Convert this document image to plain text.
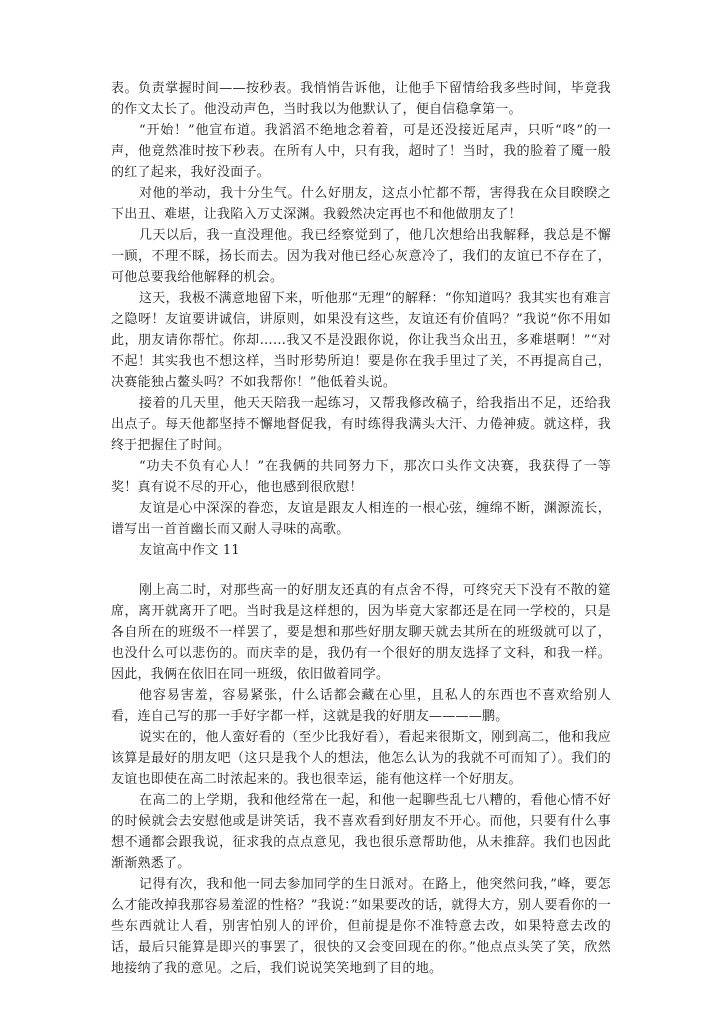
表。负责掌握时间——按秒表。我悄悄告诉他，让他手下留情给我多些时间，毕竟我的作文太长了。他没动声色，当时我以为他默认了，便自信稳拿第一。

“开始！”他宣布道。我滔滔不绝地念着着，可是还没接近尾声，只听“咚”的一声，他竟然准时按下秒表。在所有人中，只有我，超时了！当时，我的脸着了魇一般的红了起来，我好没面子。

对他的举动，我十分生气。什么好朋友，这点小忙都不帮，害得我在众目睽睽之下出丑、难堪，让我陷入万丈深渊。我毅然决定再也不和他做朋友了！

几天以后，我一直没理他。我已经察觉到了，他几次想给出我解释，我总是不懈一顾，不理不睬，扬长而去。因为我对他已经心灰意冷了，我们的友谊已不存在了，可他总要我给他解释的机会。

这天，我极不满意地留下来，听他那“无理”的解释：“你知道吗？我其实也有难言之隐呀！友谊要讲诚信，讲原则，如果没有这些，友谊还有价值吗？”我说“你不用如此，朋友请你帮忙。你却……我又不是没跟你说，你让我当众出丑，多难堪啊！”“对不起！其实我也不想这样，当时形势所迫！要是你在我手里过了关，不再提高自己，决赛能独占鳌头吗？不如我帮你！”他低着头说。

接着的几天里，他天天陪我一起练习，又帮我修改稿子，给我指出不足，还给我出点子。每天他都坚持不懈地督促我，有时练得我满头大汗、力倦神疲。就这样，我终于把握住了时间。

“功夫不负有心人！”在我俩的共同努力下，那次口头作文决赛，我获得了一等奖！真有说不尽的开心，他也感到很欣慰！

友谊是心中深深的眷恋，友谊是跟友人相连的一根心弦，缠绵不断，渊源流长，谱写出一首首幽长而又耐人寻味的高歌。

友谊高中作文 11

刚上高二时，对那些高一的好朋友还真的有点舍不得，可终究天下没有不散的筵席，离开就离开了吧。当时我是这样想的，因为毕竟大家都还是在同一学校的，只是各自所在的班级不一样罢了，要是想和那些好朋友聊天就去其所在的班级就可以了，也没什么可以悲伤的。而庆幸的是，我仍有一个很好的朋友选择了文科，和我一样。因此，我俩在依旧在同一班级，依旧做着同学。

他容易害羞，容易紧张，什么话都会藏在心里，且私人的东西也不喜欢给别人看，连自己写的那一手好字都一样，这就是我的好朋友————鹏。

说实在的，他人蛮好看的（至少比我好看），看起来很斯文，刚到高二，他和我应该算是最好的朋友吧（这只是我个人的想法，他怎么认为的我就不可而知了）。我们的友谊也即使在高二时浓起来的。我也很幸运，能有他这样一个好朋友。

在高二的上学期，我和他经常在一起，和他一起聊些乱七八糟的，看他心情不好的时候就会去安慰他或是讲笑话，我不喜欢看到好朋友不开心。而他，只要有什么事想不通都会跟我说，征求我的点点意见，我也很乐意帮助他，从未推辞。我们也因此渐渐熟悉了。

记得有次，我和他一同去参加同学的生日派对。在路上，他突然问我，”峰，要怎么才能改掉我那容易羞涩的性格？”我说：”如果要改的话，就得大方，别人要看你的一些东西就让人看，别害怕别人的评价，但前提是你不准特意去改，如果特意去改的话，最后只能算是即兴的事罢了，很快的又会变回现在的你。”他点点头笑了笑，欣然地接纳了我的意见。之后，我们说说笑笑地到了目的地。
